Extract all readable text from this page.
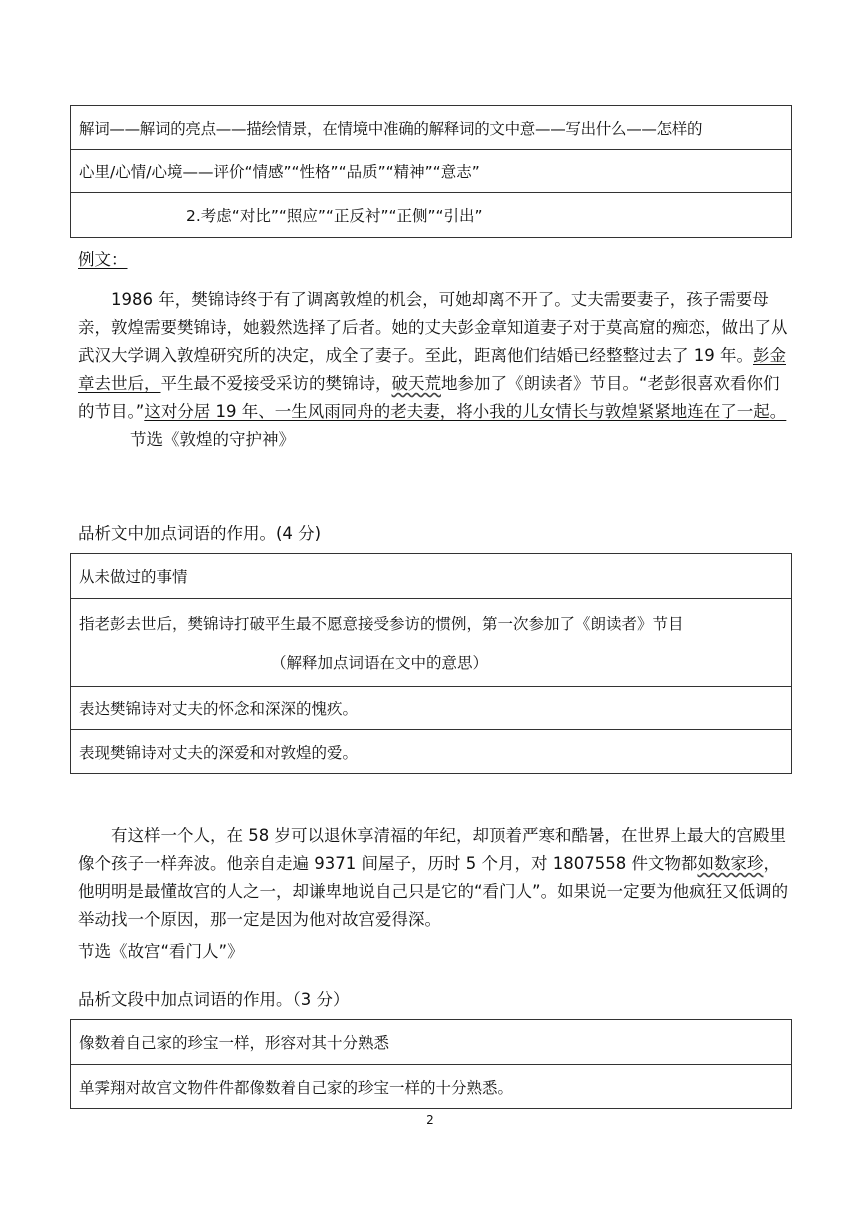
解词——解词的亮点——描绘情景，在情境中准确的解释词的文中意——写出什么——怎样的
心里/心情/心境——评价“情感”“性格”“品质”“精神”“意志”
2.考虑“对比”“照应”“正反衬”“正侧”“引出”
例文：
1986 年，樊锦诗终于有了调离敦煌的机会，可她却离不开了。丈夫需要妻子，孩子需要母亲，敦煌需要樊锦诗，她毅然选择了后者。她的丈夫彭金章知道妻子对于莫高窟的痴恋，做出了从武汉大学调入敦煌研究所的决定，成全了妻子。至此，距离他们结婚已经整整过去了 19 年。彭金章去世后，平生最不爱接受采访的樊锦诗，破天荒地参加了《朗读者》节目。“老彭很喜欢看你们的节目。”这对分居 19 年、一生风雨同舟的老夫妻，将小我的儿女情长与敦煌紧紧地连在了一起。节选《敦煌的守护神》
品析文中加点词语的作用。(4 分)
从未做过的事情
指老彭去世后，樊锦诗打破平生最不愿意接受参访的惯例，第一次参加了《朗读者》节目
（解释加点词语在文中的意思）
表达樊锦诗对丈夫的怀念和深深的愧疚。
表现樊锦诗对丈夫的深爱和对敦煌的爱。
有这样一个人，在 58 岁可以退休享清福的年纪，却顶着严寒和酷暑，在世界上最大的宫殿里像个孩子一样奔波。他亲自走遍 9371 间屋子，历时 5 个月，对 1807558 件文物都如数家珍，他明明是最懂故宫的人之一，却谦卑地说自己只是它的“看门人”。如果说一定要为他疯狂又低调的举动找一个原因，那一定是因为他对故宫爱得深。
节选《故宫“看门人”》
品析文段中加点词语的作用。（3 分）
像数着自己家的珍宝一样，形容对其十分熟悉
单霁翔对故宫文物件件都像数着自己家的珍宝一样的十分熟悉。
2
